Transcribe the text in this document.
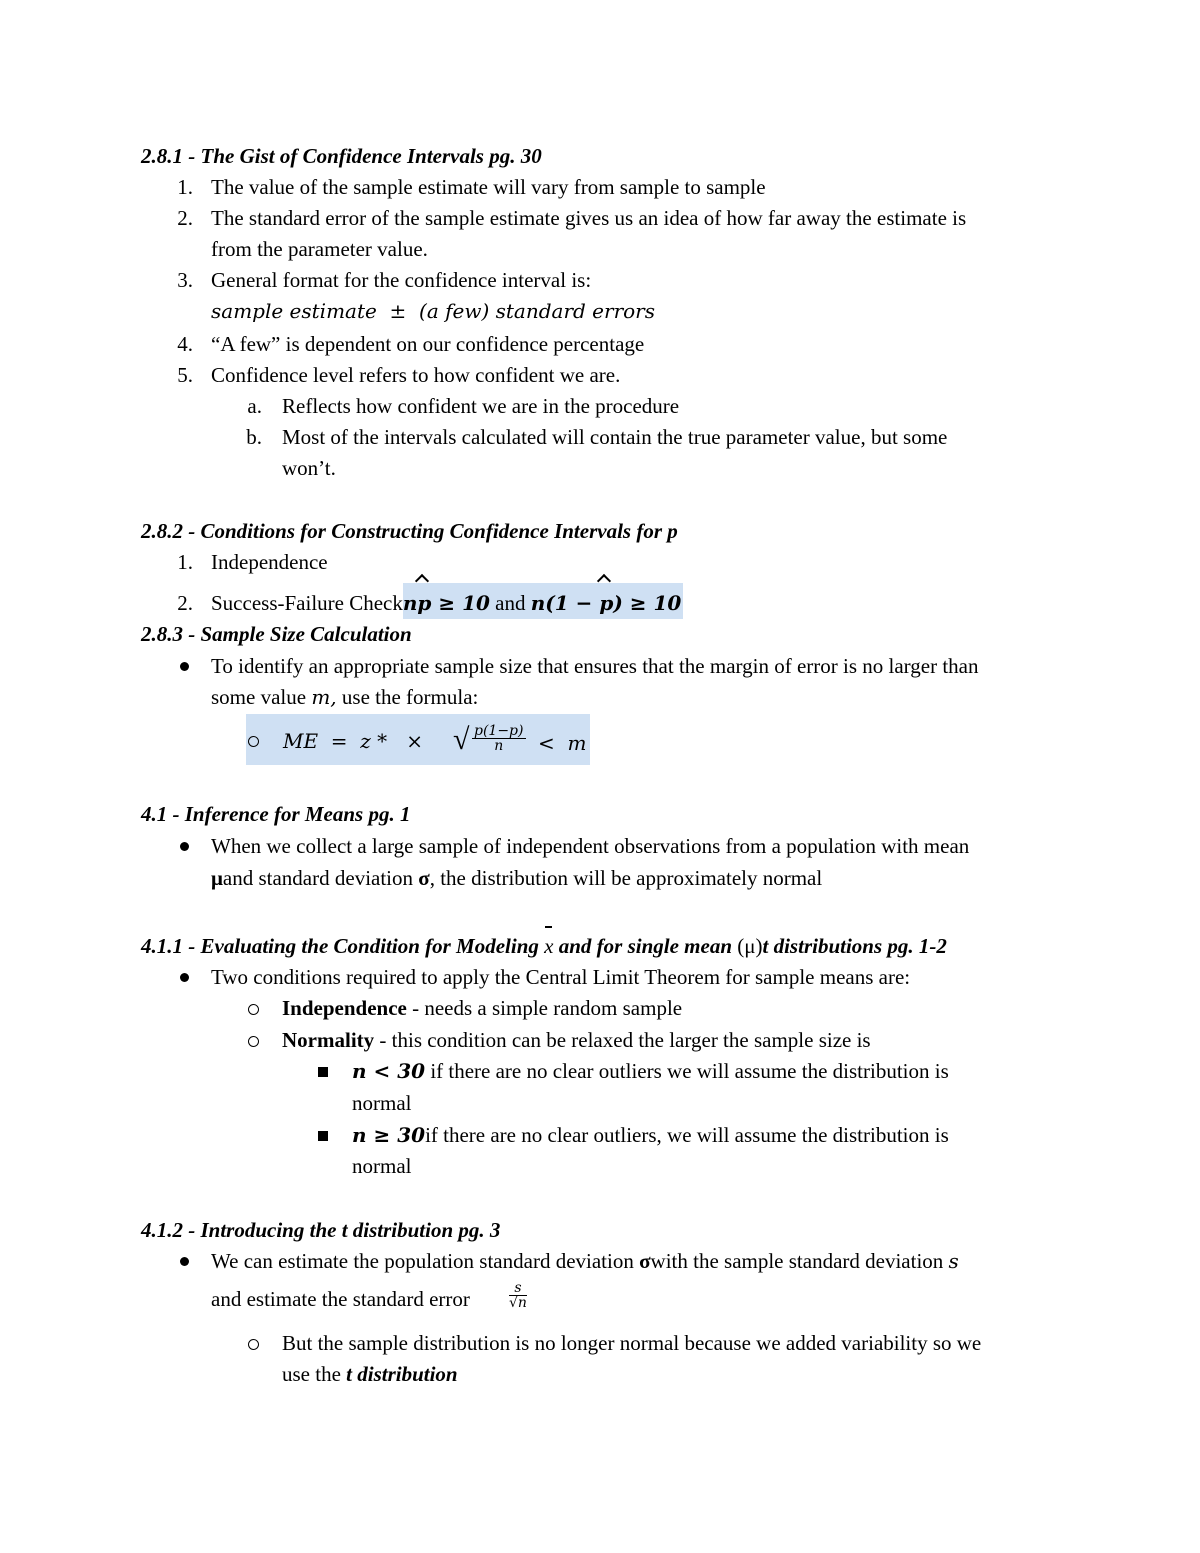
2.8.1 - The Gist of Confidence Intervals pg. 30
1. The value of the sample estimate will vary from sample to sample
2. The standard error of the sample estimate gives us an idea of how far away the estimate is
from the parameter value.
3. General format for the confidence interval is:
sample estimate  ±  (a few) standard errors
4. “A few” is dependent on our confidence percentage
5. Confidence level refers to how confident we are.
a. Reflects how confident we are in the procedure
b. Most of the intervals calculated will contain the true parameter value, but some
won’t.
2.8.2 - Conditions for Constructing Confidence Intervals for p
1. Independence
2. Success-Failure Checknp ≥ 10 and n(1 − p) ≥ 10
2.8.3 - Sample Size Calculation
To identify an appropriate sample size that ensures that the margin of error is no larger than
some value m, use the formula:
ME  =  z *   × √ $\frac{p(1-p)}{n} < m$
4.1 - Inference for Means pg. 1
When we collect a large sample of independent observations from a population with mean
μand standard deviation σ, the distribution will be approximately normal
4.1.1 - Evaluating the Condition for Modeling x and for single mean (μ)t distributions pg. 1-2
Two conditions required to apply the Central Limit Theorem for sample means are:
Independence - needs a simple random sample
Normality - this condition can be relaxed the larger the sample size is
n < 30 if there are no clear outliers we will assume the distribution is
normal
n ≥ 30if there are no clear outliers, we will assume the distribution is
normal
4.1.2 - Introducing the t distribution pg. 3
We can estimate the population standard deviation σwith the sample standard deviation s
and estimate the standard error	$\frac{s}{√n}$
But the sample distribution is no longer normal because we added variability so we
use the t distribution
